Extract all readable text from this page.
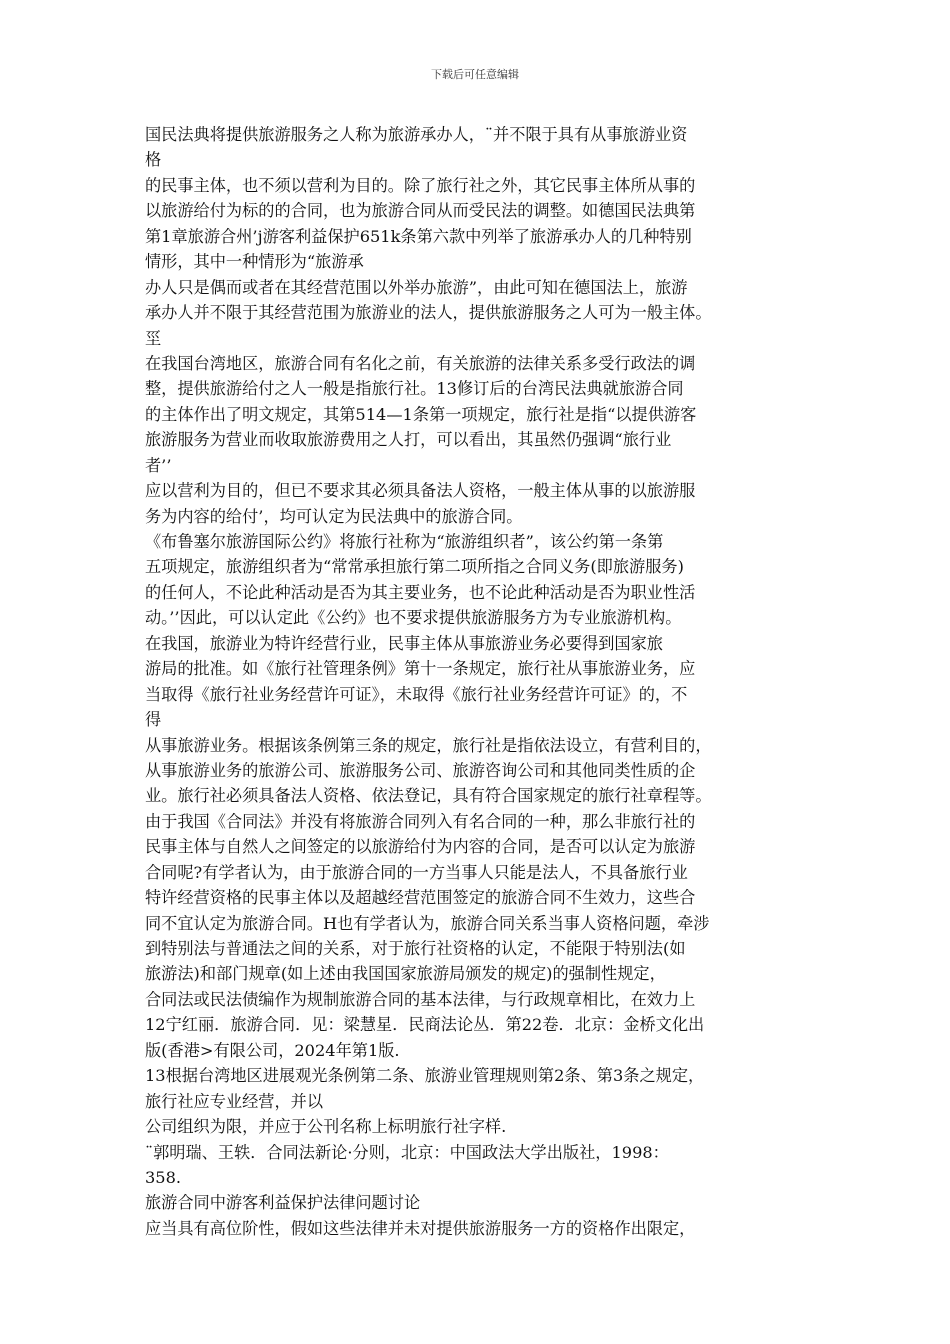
下载后可任意编辑
国民法典将提供旅游服务之人称为旅游承办人，¨并不限于具有从事旅游业资
格
的民事主体，也不须以营利为目的。除了旅行社之外，其它民事主体所从事的
以旅游给付为标的的合同，也为旅游合同从而受民法的调整。如德国民法典第
第1章旅游合州’j游客利益保护651k条第六款中列举了旅游承办人的几种特别
情形，其中一种情形为“旅游承
办人只是偶而或者在其经营范围以外举办旅游”，由此可知在德国法上，旅游
承办人并不限于其经营范围为旅游业的法人，提供旅游服务之人可为一般主体。
坙
在我国台湾地区，旅游合同有名化之前，有关旅游的法律关系多受行政法的调
整，提供旅游给付之人一般是指旅行社。13修订后的台湾民法典就旅游合同
的主体作出了明文规定，其第514—1条第一项规定，旅行社是指“以提供游客
旅游服务为营业而收取旅游费用之人打，可以看出，其虽然仍强调“旅行业
者’’
应以营利为目的，但已不要求其必须具备法人资格，一般主体从事的以旅游服
务为内容的给付’，均可认定为民法典中的旅游合同。
《布鲁塞尔旅游国际公约》将旅行社称为“旅游组织者”，该公约第一条第
五项规定，旅游组织者为“常常承担旅行第二项所指之合同义务(即旅游服务)
的任何人，不论此种活动是否为其主要业务，也不论此种活动是否为职业性活
动。’’因此，可以认定此《公约》也不要求提供旅游服务方为专业旅游机构。
在我国，旅游业为特许经营行业，民事主体从事旅游业务必要得到国家旅
游局的批准。如《旅行社管理条例》第十一条规定，旅行社从事旅游业务，应
当取得《旅行社业务经营许可证》，未取得《旅行社业务经营许可证》的，不
得
从事旅游业务。根据该条例第三条的规定，旅行社是指依法设立，有营利目的，
从事旅游业务的旅游公司、旅游服务公司、旅游咨询公司和其他同类性质的企
业。旅行社必须具备法人资格、依法登记，具有符合国家规定的旅行社章程等。
由于我国《合同法》并没有将旅游合同列入有名合同的一种，那么非旅行社的
民事主体与自然人之间签定的以旅游给付为内容的合同，是否可以认定为旅游
合同呢?有学者认为，由于旅游合同的一方当事人只能是法人，不具备旅行业
特许经营资格的民事主体以及超越经营范围签定的旅游合同不生效力，这些合
同不宜认定为旅游合同。H也有学者认为，旅游合同关系当事人资格问题，牵涉
到特别法与普通法之间的关系，对于旅行社资格的认定，不能限于特别法(如
旅游法)和部门规章(如上述由我国国家旅游局颁发的规定)的强制性规定，
合同法或民法债编作为规制旅游合同的基本法律，与行政规章相比，在效力上
12宁红丽．旅游合同．见：梁慧星．民商法论丛．第22卷．北京：金桥文化出
版(香港>有限公司，2024年第1版.
13根据台湾地区进展观光条例第二条、旅游业管理规则第2条、第3条之规定，
旅行社应专业经营，并以
公司组织为限，并应于公刊名称上标明旅行社字样.
¨郭明瑞、王轶．合同法新论·分则，北京：中国政法大学出版社，1998：
358.
旅游合同中游客利益保护法律问题讨论
应当具有高位阶性，假如这些法律并未对提供旅游服务一方的资格作出限定，
